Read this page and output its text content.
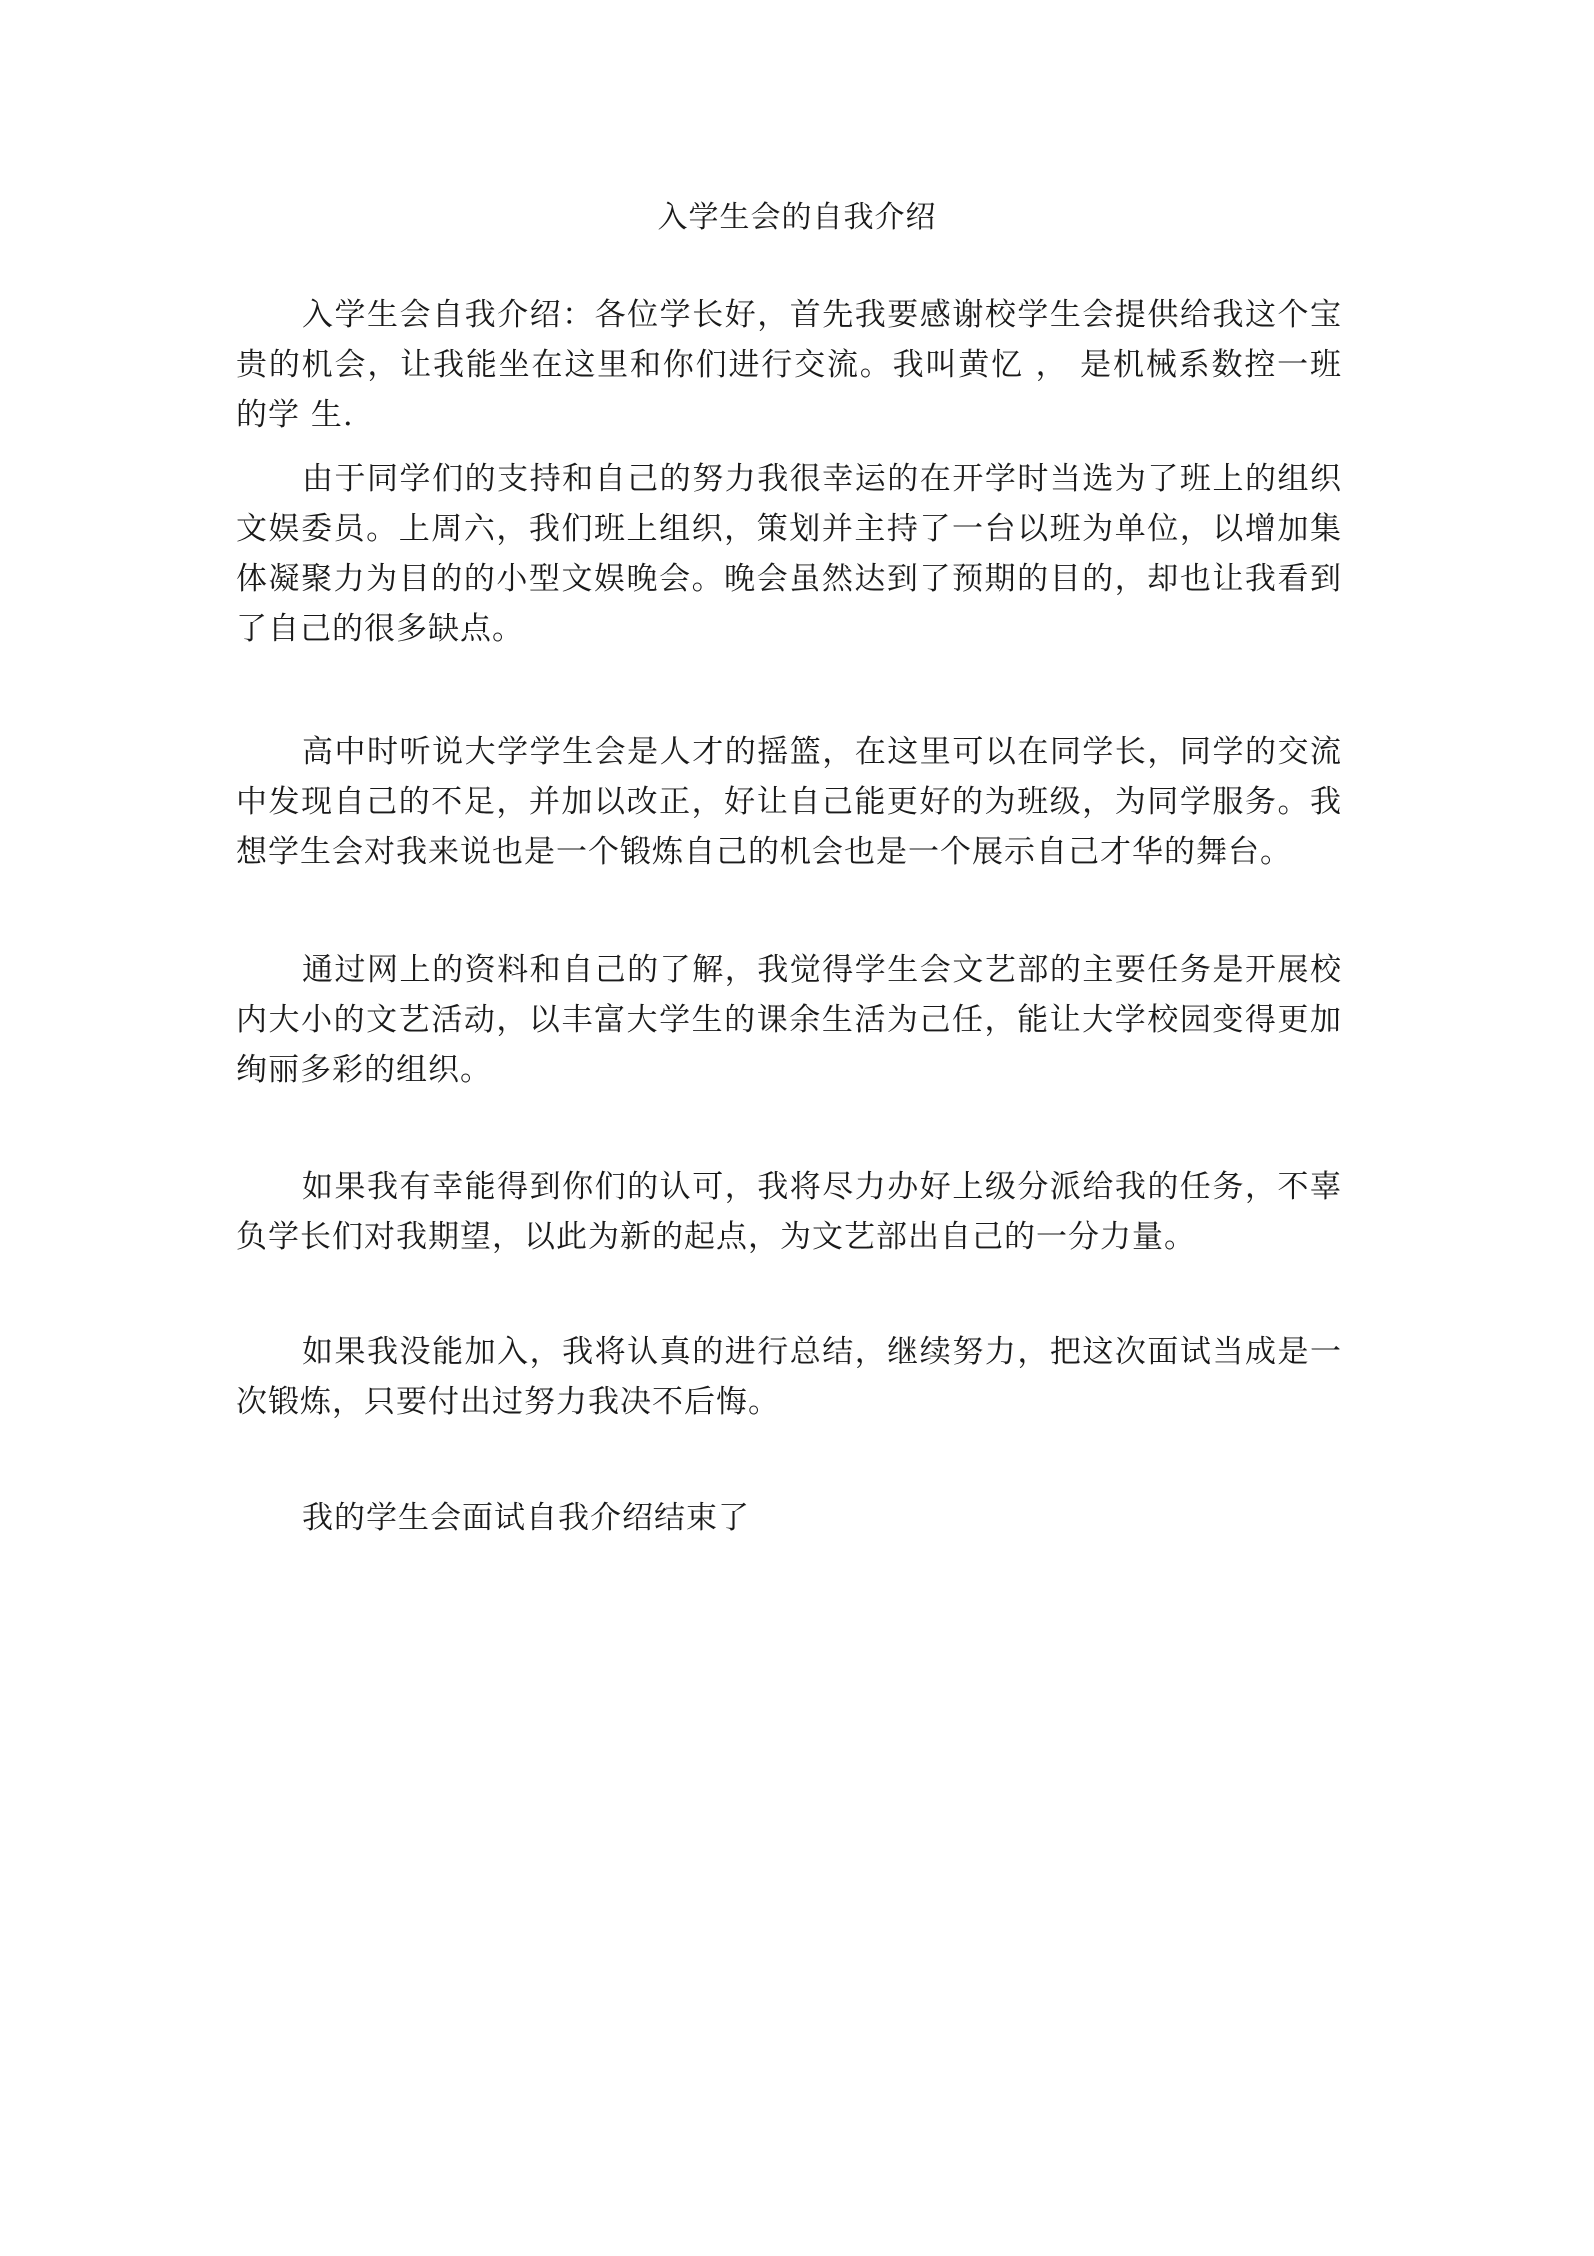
入学生会的自我介绍

入学生会自我介绍：各位学长好，首先我要感谢校学生会提供给我这个宝 贵的机会，让我能坐在这里和你们进行交流。我叫黄忆 ， 是机械系数控一班的学 生.

由于同学们的支持和自己的努力我很幸运的在开学时当选为了班上的组织 文娱委员。上周六，我们班上组织，策划并主持了一台以班为单位，以增加集 体凝聚力为目的的小型文娱晚会。晚会虽然达到了预期的目的，却也让我看到 了自己的很多缺点。

高中时听说大学学生会是人才的摇篮，在这里可以在同学长，同学的交流 中发现自己的不足，并加以改正，好让自己能更好的为班级，为同学服务。我 想学生会对我来说也是一个锻炼自己的机会也是一个展示自己才华的舞台。

通过网上的资料和自己的了解，我觉得学生会文艺部的主要任务是开展校 内大小的文艺活动，以丰富大学生的课余生活为己任，能让大学校园变得更加 绚丽多彩的组织。

如果我有幸能得到你们的认可，我将尽力办好上级分派给我的任务，不辜 负学长们对我期望，以此为新的起点，为文艺部出自己的一分力量。

如果我没能加入，我将认真的进行总结，继续努力，把这次面试当成是一 次锻炼，只要付出过努力我决不后悔。

我的学生会面试自我介绍结束了
